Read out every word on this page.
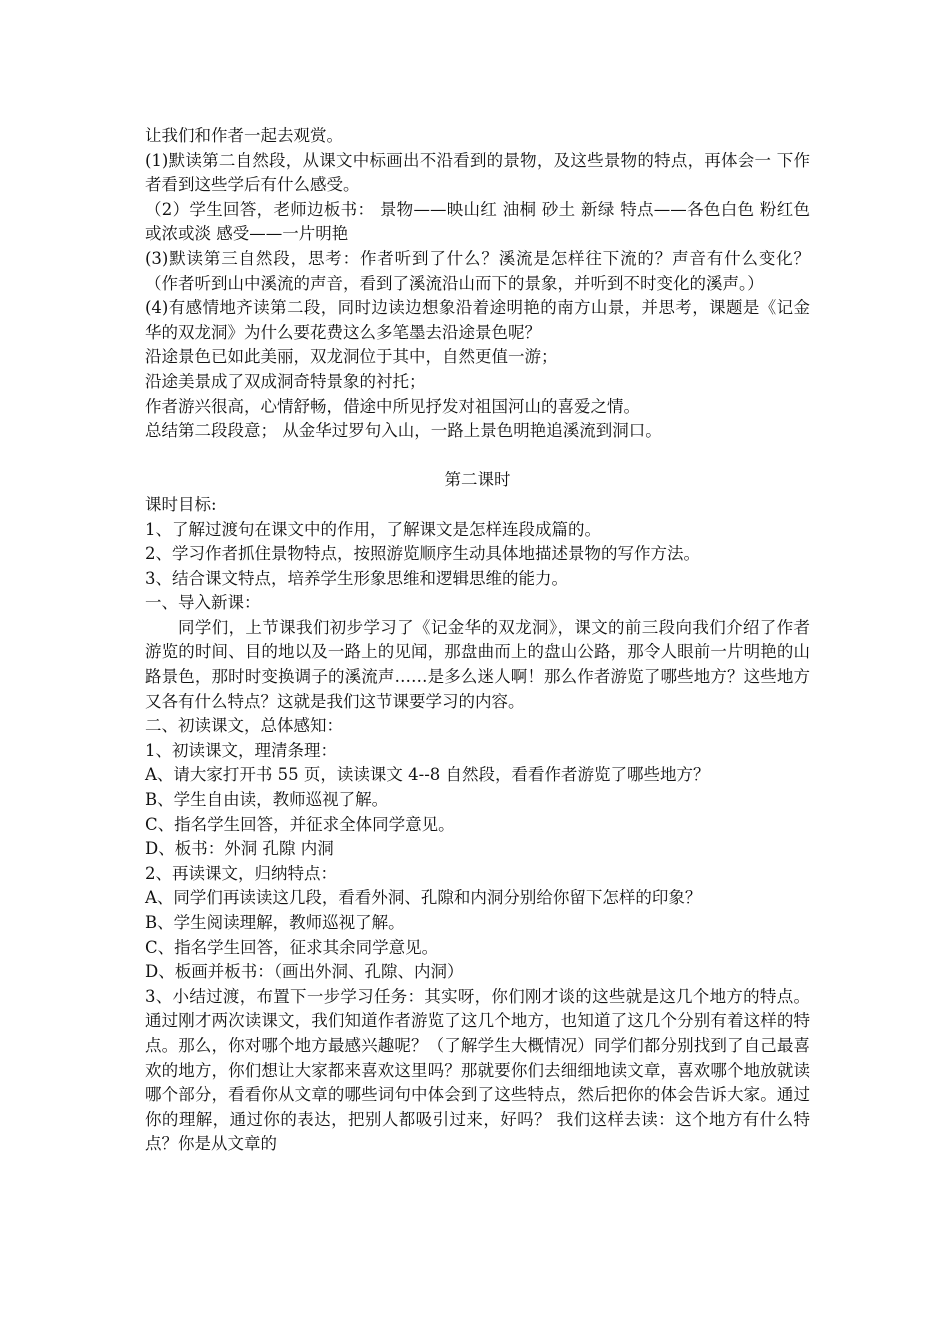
让我们和作者一起去观赏。

(1)默读第二自然段，从课文中标画出不沿看到的景物，及这些景物的特点，再体会一 下作者看到这些学后有什么感受。

（2）学生回答，老师边板书： 景物——映山红 油桐 砂土 新绿 特点——各色白色 粉红色 或浓或淡 感受——一片明艳

(3)默读第三自然段，思考：作者听到了什么？溪流是怎样往下流的？声音有什么变化？ （作者听到山中溪流的声音，看到了溪流沿山而下的景象，并听到不时变化的溪声。）

(4)有感情地齐读第二段，同时边读边想象沿着途明艳的南方山景，并思考，课题是《记金华的双龙洞》为什么要花费这么多笔墨去沿途景色呢？

沿途景色已如此美丽，双龙洞位于其中，自然更值一游；

沿途美景成了双成洞奇特景象的衬托；

作者游兴很高，心情舒畅，借途中所见抒发对祖国河山的喜爱之情。

总结第二段段意； 从金华过罗句入山，一路上景色明艳追溪流到洞口。

第二课时

课时目标:

1、了解过渡句在课文中的作用，了解课文是怎样连段成篇的。

2、学习作者抓住景物特点，按照游览顺序生动具体地描述景物的写作方法。

3、结合课文特点，培养学生形象思维和逻辑思维的能力。

一、导入新课：

同学们，上节课我们初步学习了《记金华的双龙洞》，课文的前三段向我们介绍了作者游览的时间、目的地以及一路上的见闻，那盘曲而上的盘山公路，那令人眼前一片明艳的山路景色，那时时变换调子的溪流声……是多么迷人啊！那么作者游览了哪些地方？这些地方又各有什么特点？这就是我们这节课要学习的内容。

二、初读课文，总体感知：

1、初读课文，理清条理：

A、请大家打开书 55 页，读读课文 4--8 自然段，看看作者游览了哪些地方？

B、学生自由读，教师巡视了解。

C、指名学生回答，并征求全体同学意见。

D、板书：外洞 孔隙 内洞

2、再读课文，归纳特点：

A、同学们再读读这几段，看看外洞、孔隙和内洞分别给你留下怎样的印象？

B、学生阅读理解，教师巡视了解。

C、指名学生回答，征求其余同学意见。

D、板画并板书：（画出外洞、孔隙、内洞）

3、小结过渡，布置下一步学习任务：其实呀，你们刚才谈的这些就是这几个地方的特点。通过刚才两次读课文，我们知道作者游览了这几个地方，也知道了这几个分别有着这样的特点。那么，你对哪个地方最感兴趣呢？（了解学生大概情况）同学们都分别找到了自己最喜欢的地方，你们想让大家都来喜欢这里吗？那就要你们去细细地读文章，喜欢哪个地放就读哪个部分，看看你从文章的哪些词句中体会到了这些特点，然后把你的体会告诉大家。通过你的理解，通过你的表达，把别人都吸引过来，好吗？ 我们这样去读：这个地方有什么特点？你是从文章的
